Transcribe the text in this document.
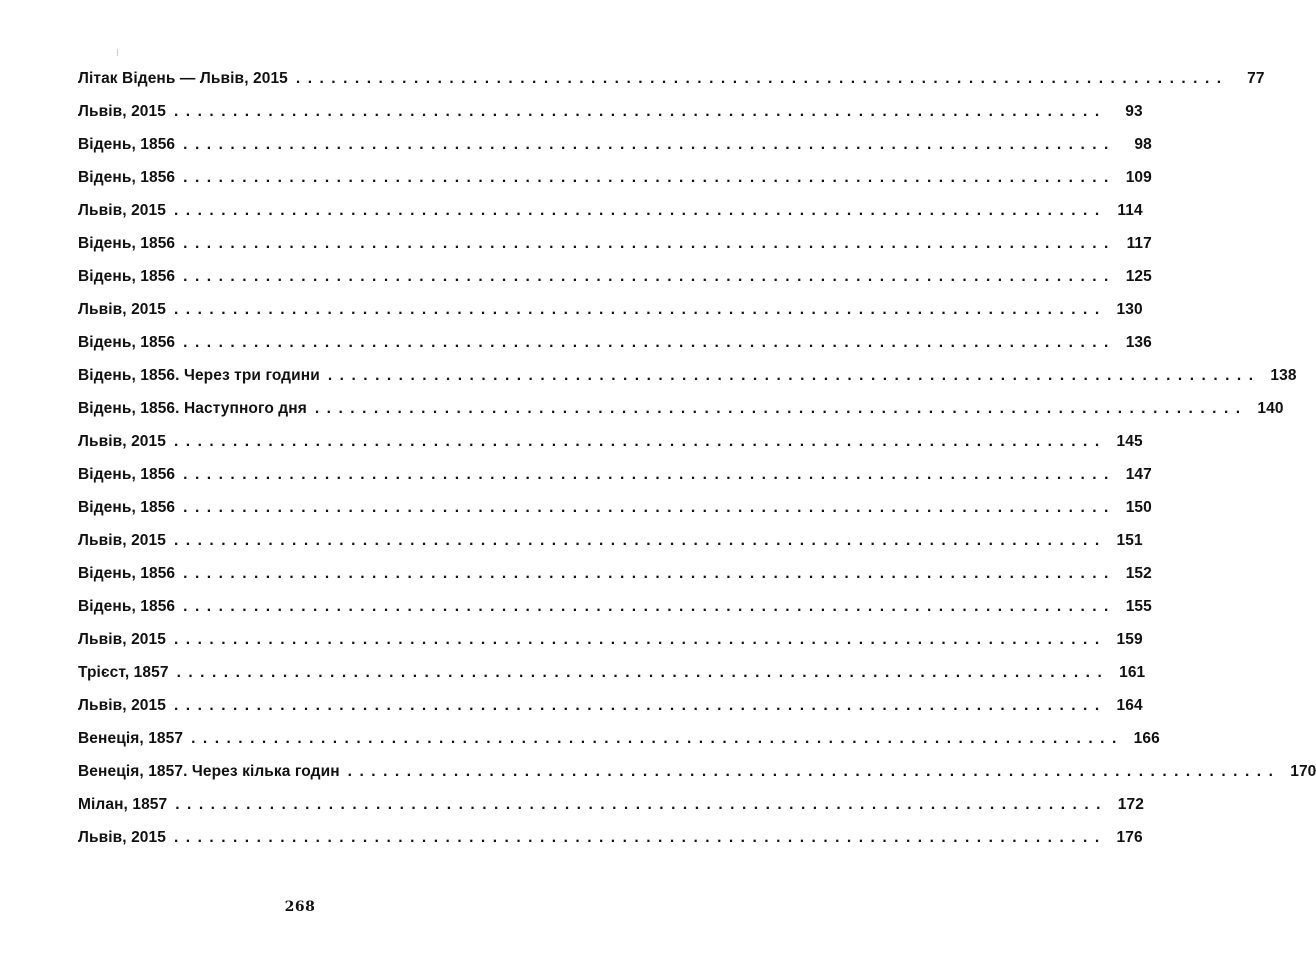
Літак Відень — Львів, 2015 ...............................................................................	77
Львів, 2015 ...............................................................................	93
Відень, 1856 ...............................................................................	98
Відень, 1856 ............................................................................... 109
Львів, 2015 ............................................................................... 114
Відень, 1856 ............................................................................... 117
Відень, 1856 ............................................................................... 125
Львів, 2015 ............................................................................... 130
Відень, 1856 ............................................................................... 136
Відень, 1856. Через три години ............................................................................... 138
Відень, 1856. Наступного дня ............................................................................... 140
Львів, 2015 ............................................................................... 145
Відень, 1856 ............................................................................... 147
Відень, 1856 ............................................................................... 150
Львів, 2015 ............................................................................... 151
Відень, 1856 ............................................................................... 152
Відень, 1856 ............................................................................... 155
Львів, 2015 ............................................................................... 159
Трієст, 1857 ............................................................................... 161
Львів, 2015 ............................................................................... 164
Венеція, 1857 ............................................................................... 166
Венеція, 1857. Через кілька годин ............................................................................... 170
Мілан, 1857 ............................................................................... 172
Львів, 2015 ............................................................................... 176
268
